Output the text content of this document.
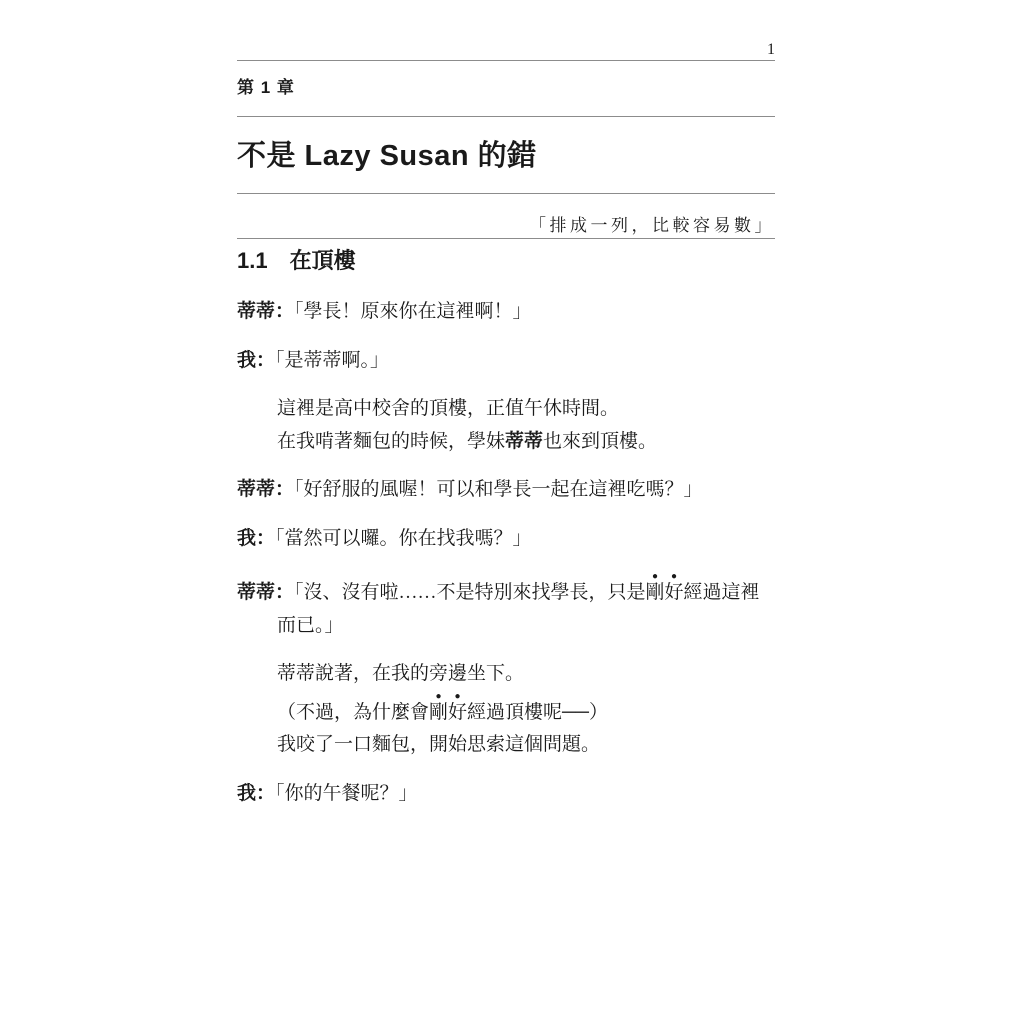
1
第 1 章
不是 Lazy Susan 的錯
「排成一列，比較容易數」
1.1 在頂樓

蒂蒂：「學長！原來你在這裡啊！」

我：「是蒂蒂啊。」

這裡是高中校舍的頂樓，正值午休時間。
在我啃著麵包的時候，學妹蒂蒂也來到頂樓。

蒂蒂：「好舒服的風喔！可以和學長一起在這裡吃嗎？」

我：「當然可以囉。你在找我嗎？」

蒂蒂：「沒、沒有啦……不是特別來找學長，只是剛好經過這裡而已。」

蒂蒂說著，在我的旁邊坐下。
（不過，為什麼會剛好經過頂樓呢──）
我咬了一口麵包，開始思索這個問題。

我：「你的午餐呢？」
